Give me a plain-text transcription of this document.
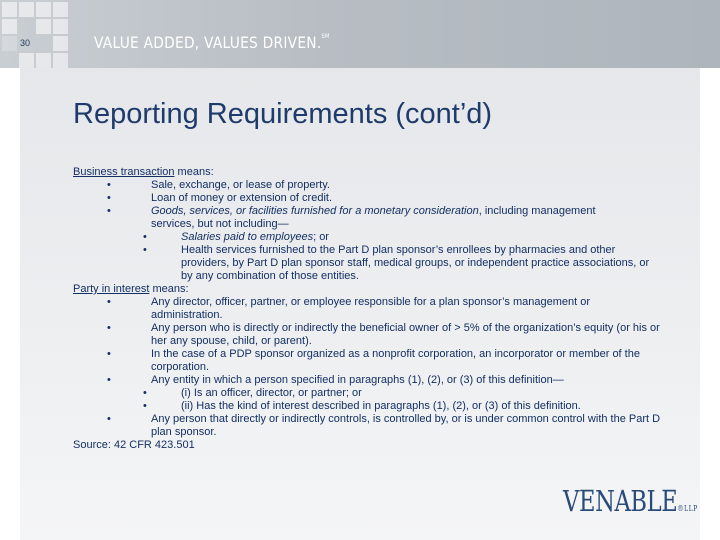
30	VALUE ADDED, VALUES DRIVEN.℠
Reporting Requirements (cont’d)
Business transaction means:
•	Sale, exchange, or lease of property.
•	Loan of money or extension of credit.
•	Goods, services, or facilities furnished for a monetary consideration, including management
services, but not including—
•	Salaries paid to employees; or
•	Health services furnished to the Part D plan sponsor’s enrollees by pharmacies and other providers, by Part D plan sponsor staff, medical groups, or independent practice associations, or by any combination of those entities.
Party in interest means:
•	Any director, officer, partner, or employee responsible for a plan sponsor’s management or administration.
•	Any person who is directly or indirectly the beneficial owner of > 5% of the organization’s equity (or his or her any spouse, child, or parent).
•	In the case of a PDP sponsor organized as a nonprofit corporation, an incorporator or member of the corporation.
•	Any entity in which a person specified in paragraphs (1), (2), or (3) of this definition—
•	(i) Is an officer, director, or partner; or
•	(ii) Has the kind of interest described in paragraphs (1), (2), or (3) of this definition.
•	Any person that directly or indirectly controls, is controlled by, or is under common control with the Part D plan sponsor.
Source: 42 CFR 423.501
VENABLE®LLP
